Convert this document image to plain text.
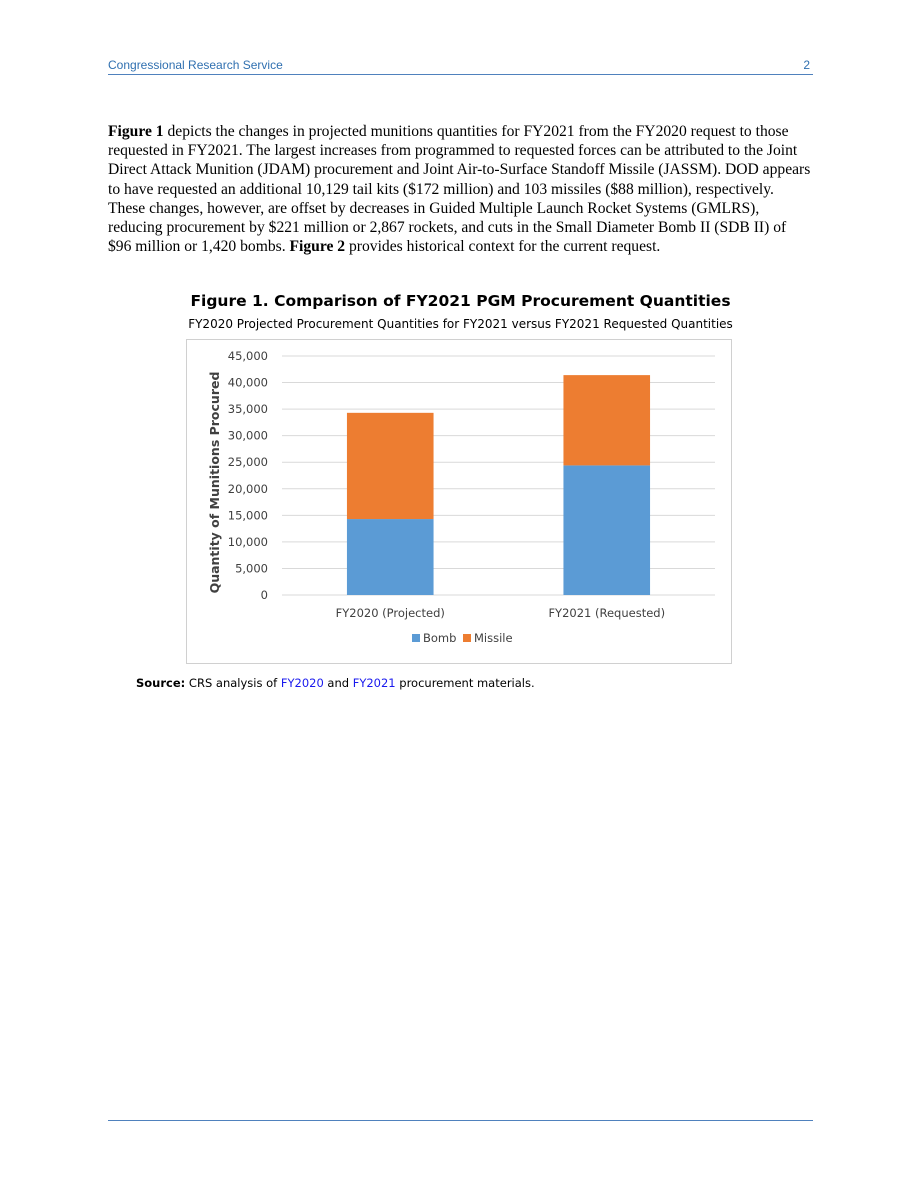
Congressional Research Service	2
Figure 1 depicts the changes in projected munitions quantities for FY2021 from the FY2020 request to those requested in FY2021. The largest increases from programmed to requested forces can be attributed to the Joint Direct Attack Munition (JDAM) procurement and Joint Air-to-Surface Standoff Missile (JASSM). DOD appears to have requested an additional 10,129 tail kits ($172 million) and 103 missiles ($88 million), respectively. These changes, however, are offset by decreases in Guided Multiple Launch Rocket Systems (GMLRS), reducing procurement by $221 million or 2,867 rockets, and cuts in the Small Diameter Bomb II (SDB II) of $96 million or 1,420 bombs. Figure 2 provides historical context for the current request.
Figure 1. Comparison of FY2021 PGM Procurement Quantities
FY2020 Projected Procurement Quantities for FY2021 versus FY2021 Requested Quantities
0
5,000
10,000
15,000
20,000
25,000
30,000
35,000
40,000
45,000
Quantity of Munitions Procured
FY2020 (Projected)	FY2021 (Requested)
Bomb Missile
Source: CRS analysis of FY2020 and FY2021 procurement materials.
